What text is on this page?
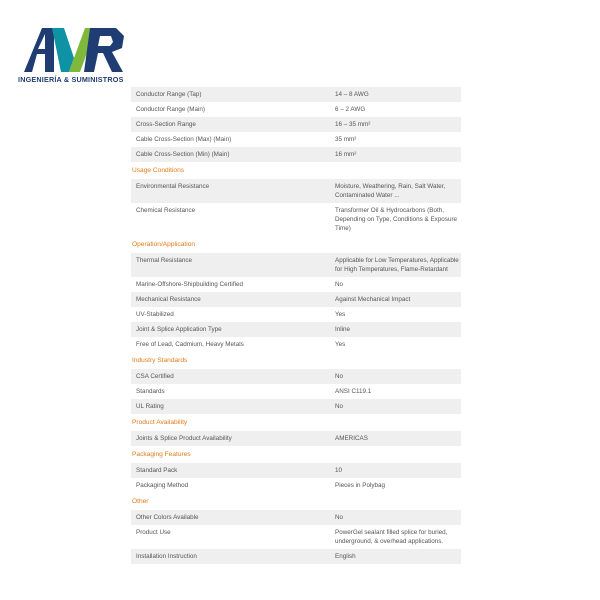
INGENIERÍA & SUMINISTROS
Conductor Range (Tap)	14 – 8 AWG
Conductor Range (Main)	6 – 2 AWG
Cross-Section Range	16 – 35 mm²
Cable Cross-Section (Max) (Main)	35 mm²
Cable Cross-Section (Min) (Main)	16 mm²
Usage Conditions
Environmental Resistance	Moisture, Weathering, Rain, Salt Water, Contaminated Water ...
Chemical Resistance	Transformer Oil & Hydrocarbons (Both, Depending on Type, Conditions & Exposure Time)
Operation/Application
Thermal Resistance	Applicable for Low Temperatures, Applicable for High Temperatures, Flame-Retardant
Marine-Offshore-Shipbuilding Certified	No
Mechanical Resistance	Against Mechanical Impact
UV-Stabilized	Yes
Joint & Splice Application Type	Inline
Free of Lead, Cadmium, Heavy Metals	Yes
Industry Standards
CSA Certified	No
Standards	ANSI C119.1
UL Rating	No
Product Availability
Joints & Splice Product Availability	AMERICAS
Packaging Features
Standard Pack	10
Packaging Method	Pieces in Polybag
Other
Other Colors Available	No
Product Use	PowerGel sealant filled splice for buried, underground, & overhead applications.
Installation Instruction	English
